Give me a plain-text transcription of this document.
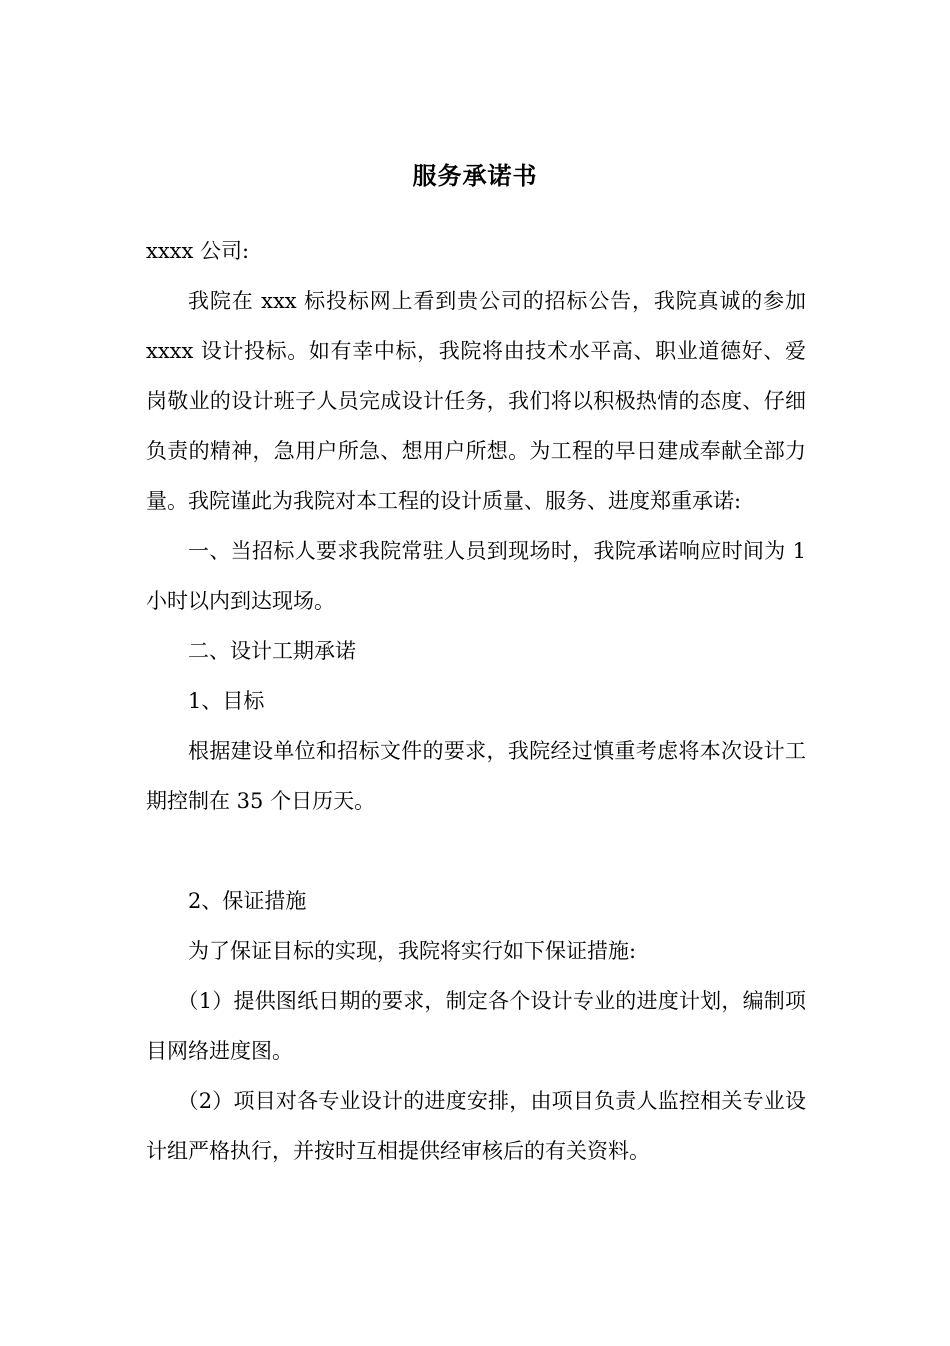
服务承诺书

xxxx 公司:

我院在 xxx 标投标网上看到贵公司的招标公告，我院真诚的参加 xxxx 设计投标。如有幸中标，我院将由技术水平高、职业道德好、爱岗敬业的设计班子人员完成设计任务，我们将以积极热情的态度、仔细负责的精神，急用户所急、想用户所想。为工程的早日建成奉献全部力量。我院谨此为我院对本工程的设计质量、服务、进度郑重承诺:

一、当招标人要求我院常驻人员到现场时，我院承诺响应时间为 1 小时以内到达现场。

二、设计工期承诺

1、目标

根据建设单位和招标文件的要求，我院经过慎重考虑将本次设计工期控制在 35 个日历天。

2、保证措施

为了保证目标的实现，我院将实行如下保证措施:

（1）提供图纸日期的要求，制定各个设计专业的进度计划，编制项目网络进度图。

（2）项目对各专业设计的进度安排，由项目负责人监控相关专业设计组严格执行，并按时互相提供经审核后的有关资料。
